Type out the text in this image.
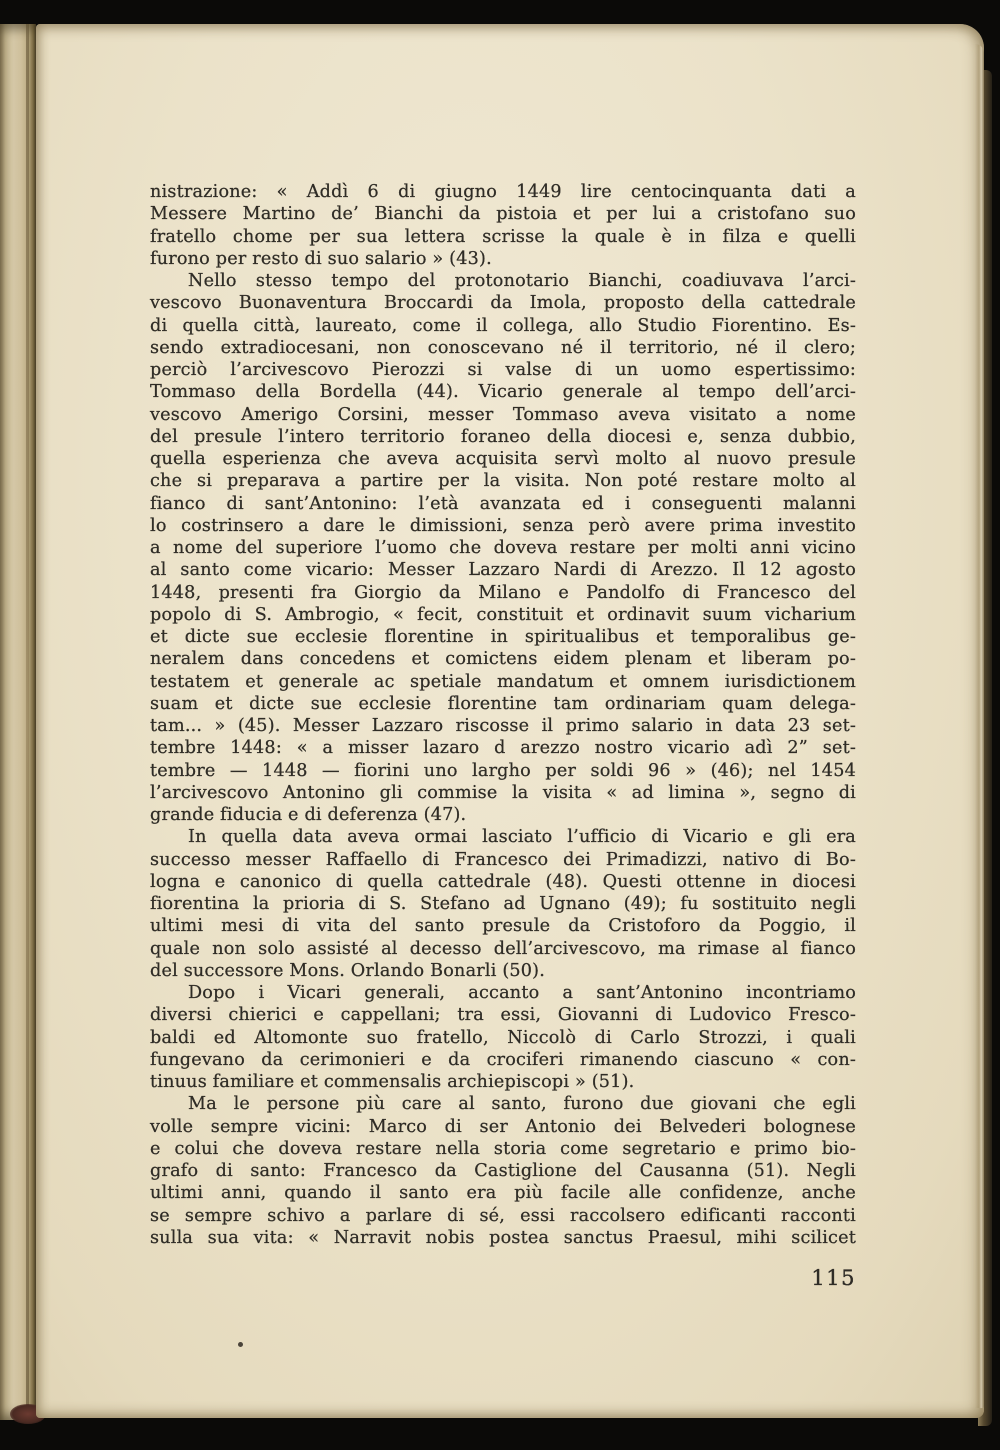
nistrazione: « Addì 6 di giugno 1449 lire centocinquanta dati a
Messere Martino de’ Bianchi da pistoia et per lui a cristofano suo
fratello chome per sua lettera scrisse la quale è in filza e quelli
furono per resto di suo salario » (43).
Nello stesso tempo del protonotario Bianchi, coadiuvava l’arci-
vescovo Buonaventura Broccardi da Imola, proposto della cattedrale
di quella città, laureato, come il collega, allo Studio Fiorentino. Es-
sendo extradiocesani, non conoscevano né il territorio, né il clero;
perciò l’arcivescovo Pierozzi si valse di un uomo espertissimo:
Tommaso della Bordella (44). Vicario generale al tempo dell’arci-
vescovo Amerigo Corsini, messer Tommaso aveva visitato a nome
del presule l’intero territorio foraneo della diocesi e, senza dubbio,
quella esperienza che aveva acquisita servì molto al nuovo presule
che si preparava a partire per la visita. Non poté restare molto al
fianco di sant’Antonino: l’età avanzata ed i conseguenti malanni
lo costrinsero a dare le dimissioni, senza però avere prima investito
a nome del superiore l’uomo che doveva restare per molti anni vicino
al santo come vicario: Messer Lazzaro Nardi di Arezzo. Il 12 agosto
1448, presenti fra Giorgio da Milano e Pandolfo di Francesco del
popolo di S. Ambrogio, « fecit, constituit et ordinavit suum vicharium
et dicte sue ecclesie florentine in spiritualibus et temporalibus ge-
neralem dans concedens et comictens eidem plenam et liberam po-
testatem et generale ac spetiale mandatum et omnem iurisdictionem
suam et dicte sue ecclesie florentine tam ordinariam quam delega-
tam... » (45). Messer Lazzaro riscosse il primo salario in data 23 set-
tembre 1448: « a misser lazaro d arezzo nostro vicario adì 2” set-
tembre — 1448 — fiorini uno largho per soldi 96 » (46); nel 1454
l’arcivescovo Antonino gli commise la visita « ad limina », segno di
grande fiducia e di deferenza (47).
In quella data aveva ormai lasciato l’ufficio di Vicario e gli era
successo messer Raffaello di Francesco dei Primadizzi, nativo di Bo-
logna e canonico di quella cattedrale (48). Questi ottenne in diocesi
fiorentina la prioria di S. Stefano ad Ugnano (49); fu sostituito negli
ultimi mesi di vita del santo presule da Cristoforo da Poggio, il
quale non solo assisté al decesso dell’arcivescovo, ma rimase al fianco
del successore Mons. Orlando Bonarli (50).
Dopo i Vicari generali, accanto a sant’Antonino incontriamo
diversi chierici e cappellani; tra essi, Giovanni di Ludovico Fresco-
baldi ed Altomonte suo fratello, Niccolò di Carlo Strozzi, i quali
fungevano da cerimonieri e da crociferi rimanendo ciascuno « con-
tinuus familiare et commensalis archiepiscopi » (51).
Ma le persone più care al santo, furono due giovani che egli
volle sempre vicini: Marco di ser Antonio dei Belvederi bolognese
e colui che doveva restare nella storia come segretario e primo bio-
grafo di santo: Francesco da Castiglione del Causanna (51). Negli
ultimi anni, quando il santo era più facile alle confidenze, anche
se sempre schivo a parlare di sé, essi raccolsero edificanti racconti
sulla sua vita: « Narravit nobis postea sanctus Praesul, mihi scilicet
115
